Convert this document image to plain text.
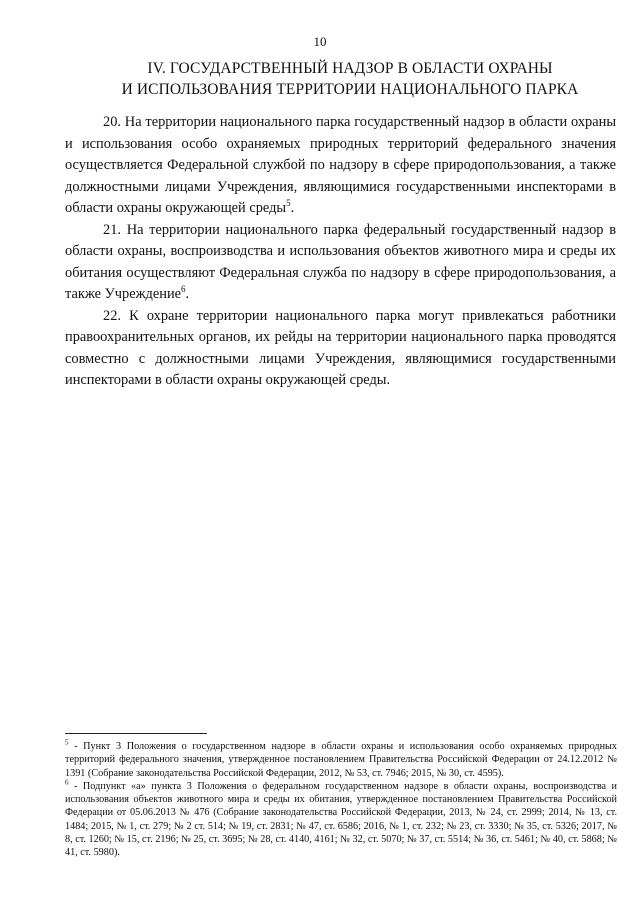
10
IV. ГОСУДАРСТВЕННЫЙ НАДЗОР В ОБЛАСТИ ОХРАНЫ
И ИСПОЛЬЗОВАНИЯ ТЕРРИТОРИИ НАЦИОНАЛЬНОГО ПАРКА

20. На территории национального парка государственный надзор в области охраны и использования особо охраняемых природных территорий федерального значения осуществляется Федеральной службой по надзору в сфере природопользования, а также должностными лицами Учреждения, являющимися государственными инспекторами в области охраны окружающей среды$^5$.

21. На территории национального парка федеральный государственный надзор в области охраны, воспроизводства и использования объектов животного мира и среды их обитания осуществляют Федеральная служба по надзору в сфере природопользования, а также Учреждение$^6$.

22. К охране территории национального парка могут привлекаться работники правоохранительных органов, их рейды на территории национального парка проводятся совместно с должностными лицами Учреждения, являющимися государственными инспекторами в области охраны окружающей среды.

$^5$ - Пункт 3 Положения о государственном надзоре в области охраны и использования особо охраняемых природных территорий федерального значения, утвержденное постановлением Правительства Российской Федерации от 24.12.2012 № 1391 (Собрание законодательства Российской Федерации, 2012, № 53, ст. 7946; 2015, № 30, ст. 4595).

$^6$ - Подпункт «а» пункта 3 Положения о федеральном государственном надзоре в области охраны, воспроизводства и использования объектов животного мира и среды их обитания, утвержденное постановлением Правительства Российской Федерации от 05.06.2013 № 476 (Собрание законодательства Российской Федерации, 2013, № 24, ст. 2999; 2014, № 13, ст. 1484; 2015, № 1, ст. 279; № 2 ст. 514; № 19, ст. 2831; № 47, ст. 6586; 2016, № 1, ст. 232; № 23, ст. 3330; № 35, ст. 5326; 2017, № 8, ст. 1260; № 15, ст. 2196; № 25, ст. 3695; № 28, ст. 4140, 4161; № 32, ст. 5070; № 37, ст. 5514; № 36, ст. 5461; № 40, ст. 5868; № 41, ст. 5980).
